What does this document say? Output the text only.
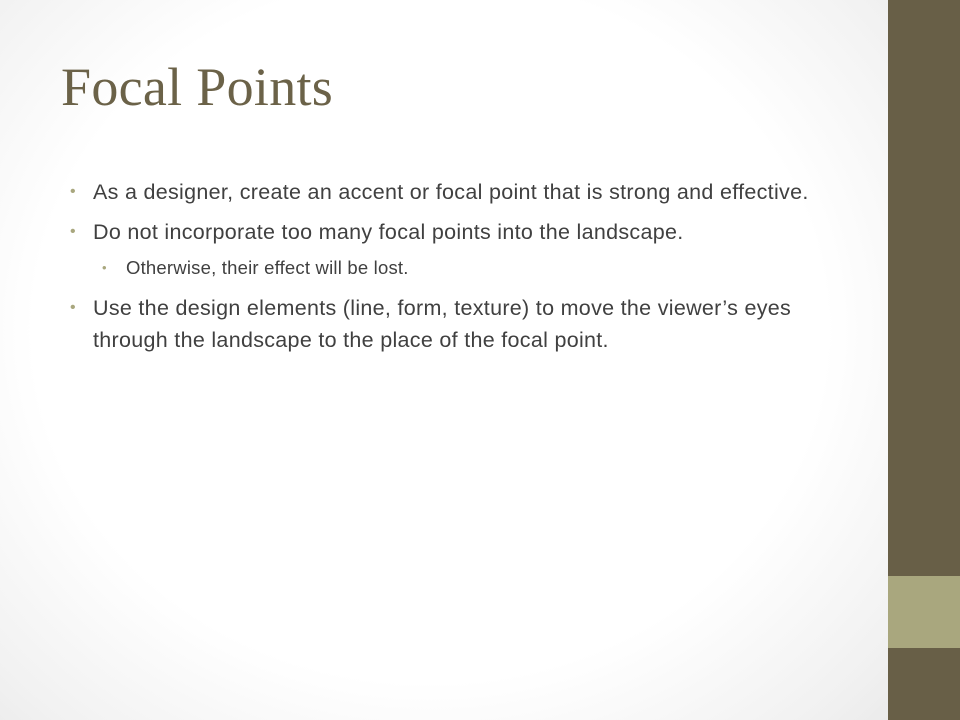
Focal Points
• As a designer, create an accent or focal point that is strong and effective.
• Do not incorporate too many focal points into the landscape.
• Otherwise, their effect will be lost.
• Use the design elements (line, form, texture) to move the viewer’s eyes through the landscape to the place of the focal point.
